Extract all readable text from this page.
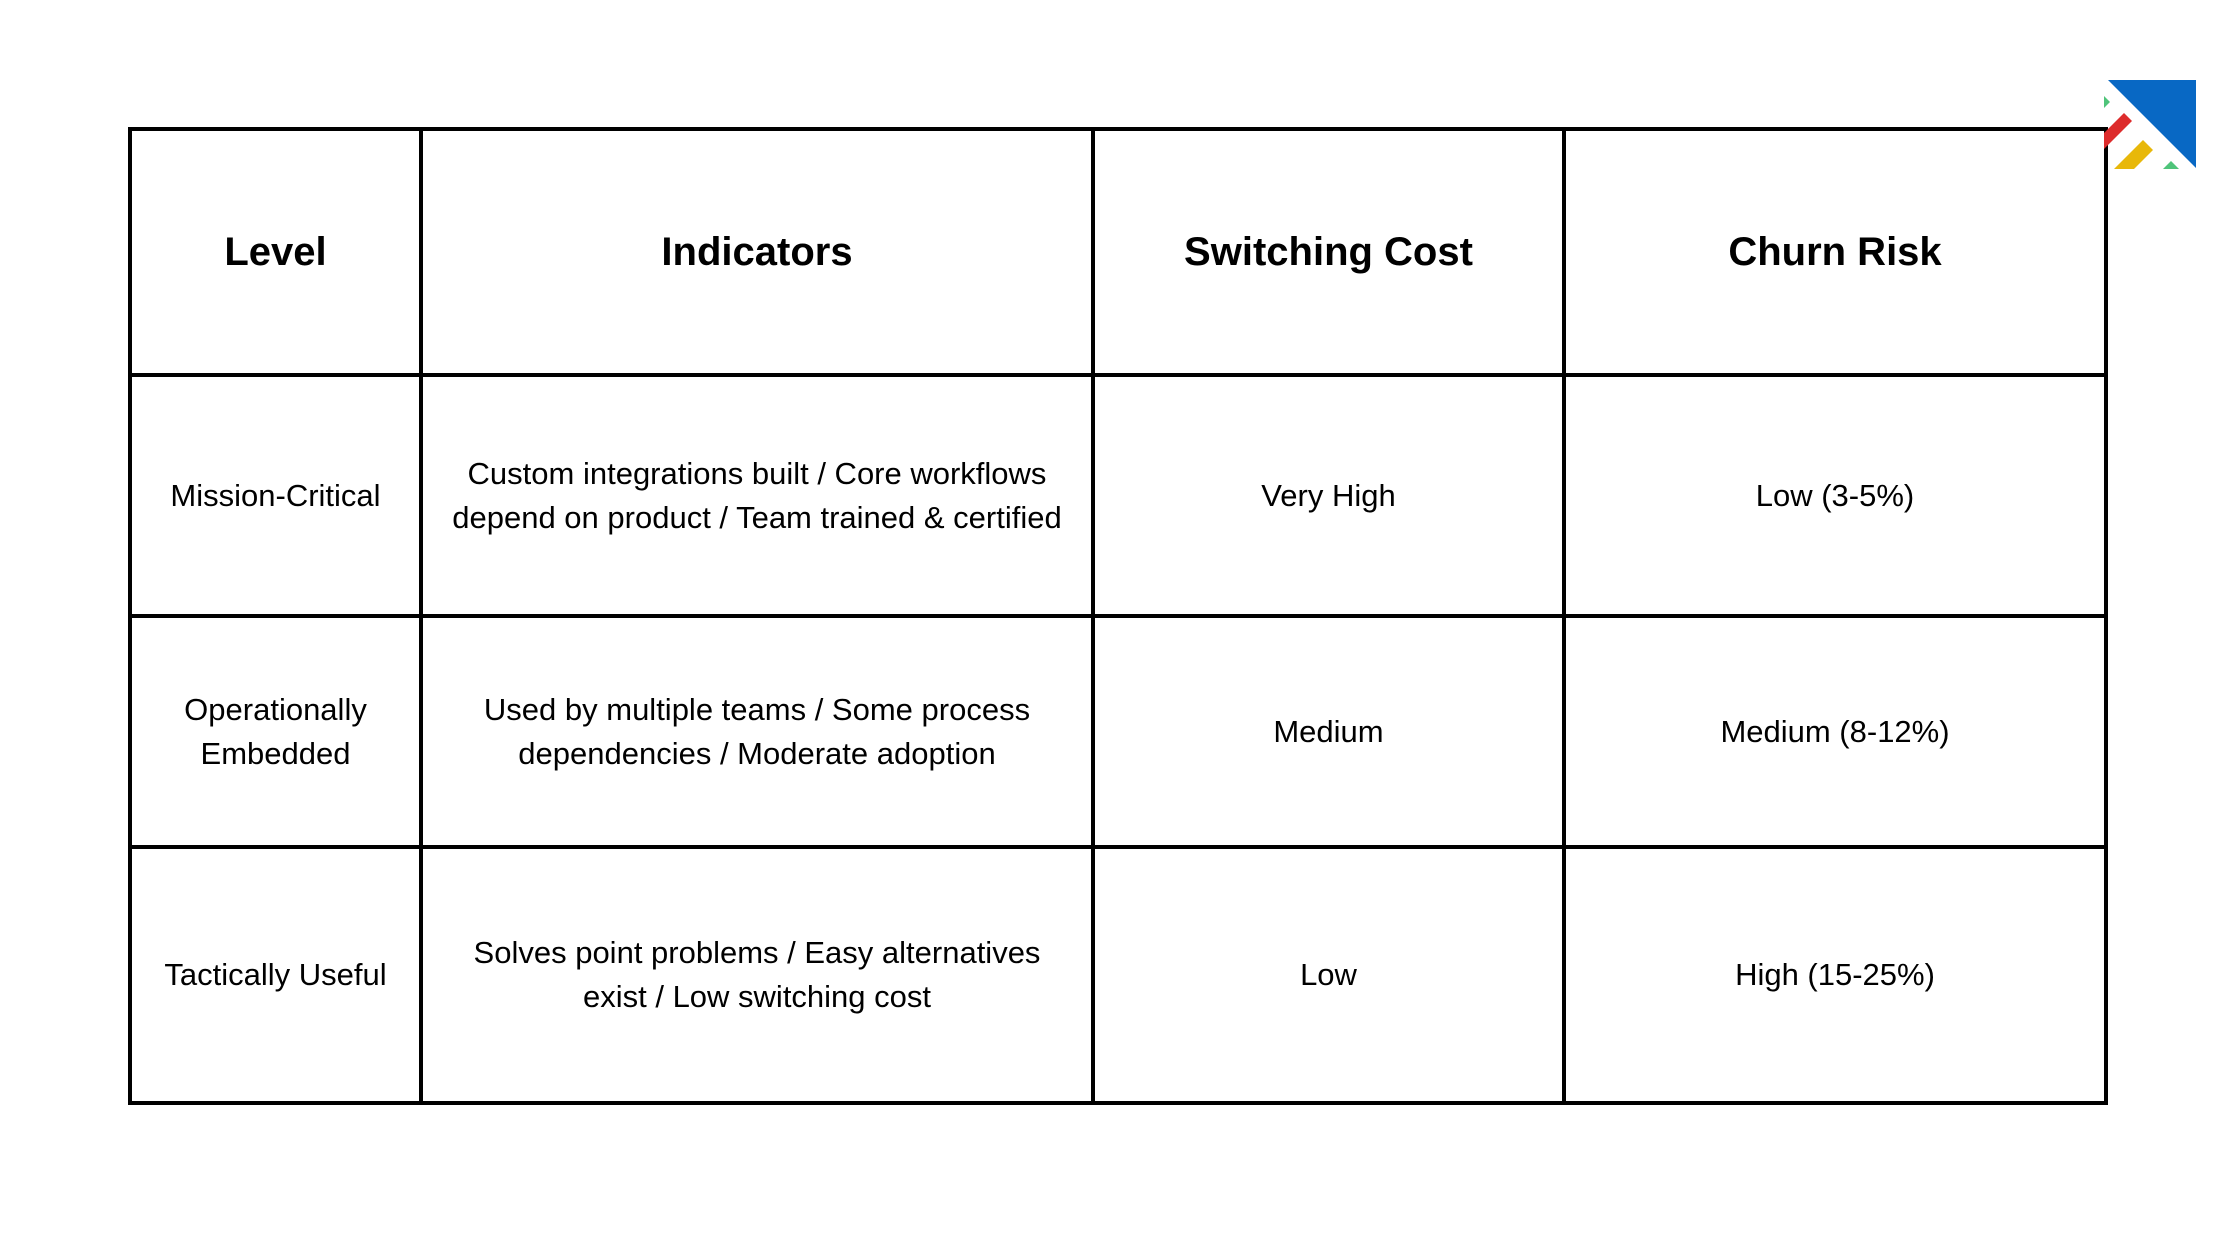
Level	Indicators	Switching Cost	Churn Risk
Mission-Critical	Custom integrations built / Core workflows depend on product / Team trained & certified	Very High	Low (3-5%)
Operationally Embedded	Used by multiple teams / Some process dependencies / Moderate adoption	Medium	Medium (8-12%)
Tactically Useful	Solves point problems / Easy alternatives exist / Low switching cost	Low	High (15-25%)
